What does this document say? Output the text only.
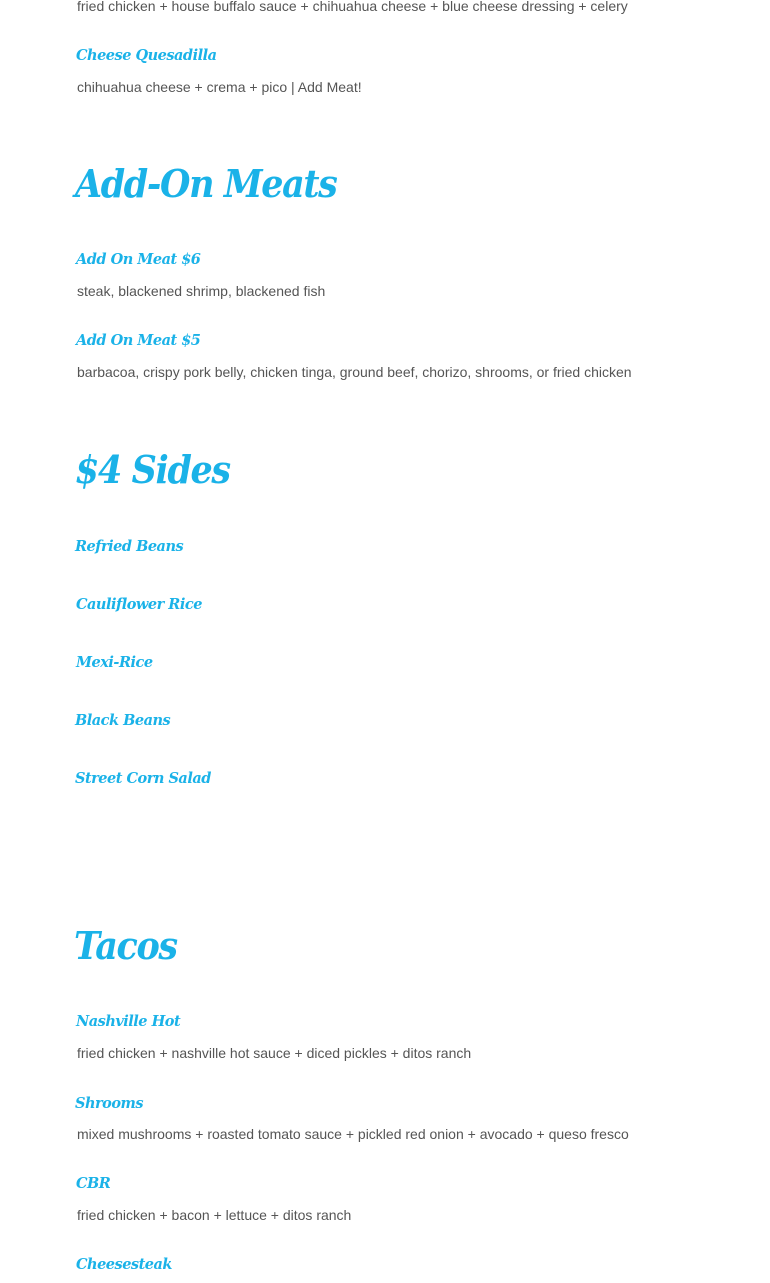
fried chicken + house buffalo sauce + chihuahua cheese + blue cheese dressing + celery

Cheese Quesadilla

chihuahua cheese + crema + pico | Add Meat!

Add-On Meats
Add On Meat $6

steak, blackened shrimp, blackened fish

Add On Meat $5

barbacoa, crispy pork belly, chicken tinga, ground beef, chorizo, shrooms, or fried chicken

$4 Sides
Refried Beans
Cauliflower Rice
Mexi-Rice
Black Beans
Street Corn Salad
Tacos
Nashville Hot

fried chicken + nashville hot sauce + diced pickles + ditos ranch

Shrooms

mixed mushrooms + roasted tomato sauce + pickled red onion + avocado + queso fresco

CBR

fried chicken + bacon + lettuce + ditos ranch

Cheesesteak
